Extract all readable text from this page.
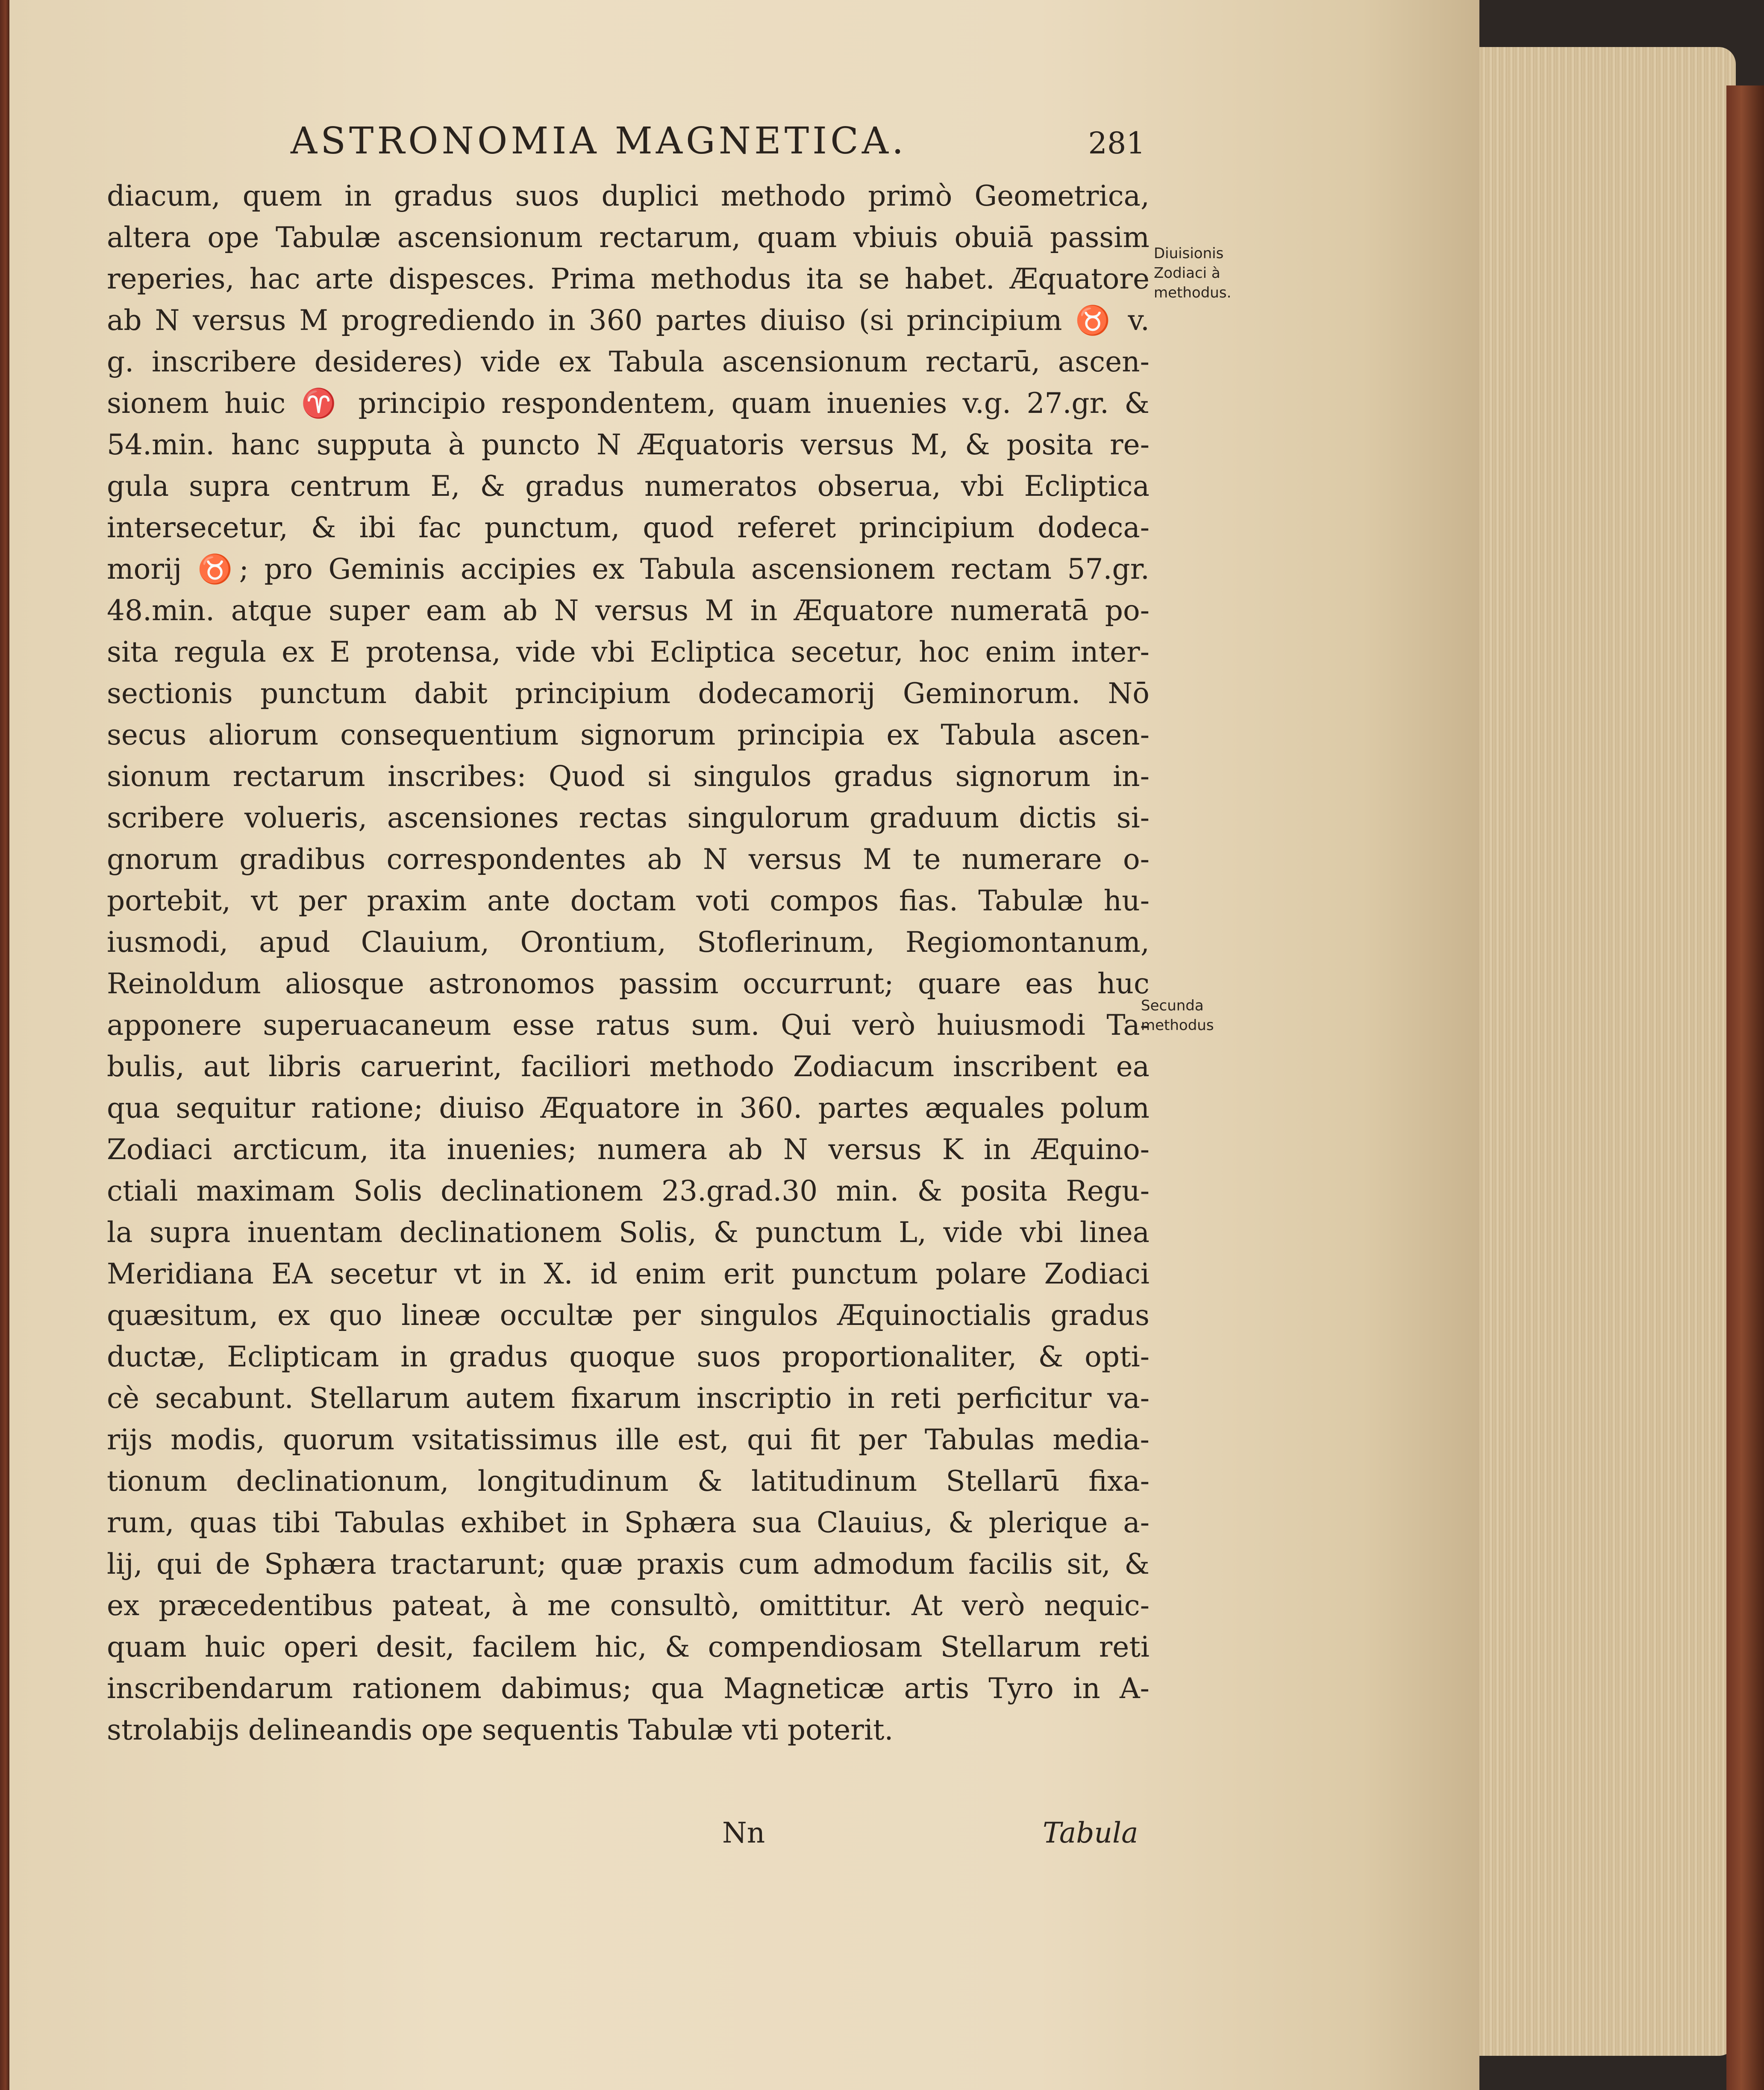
ASTRONOMIA MAGNETICA.	281
diacum, quem in gradus suos duplici methodo primò Geometrica,
altera ope Tabulæ ascensionum rectarum, quam vbiuis obuiā passim
reperies, hac arte dispesces. Prima methodus ita se habet. Æquatore
ab N versus M progrediendo in 360 partes diuiso (si principium ♉ v.
g. inscribere desideres) vide ex Tabula ascensionum rectarū, ascen-
sionem huic ♈ principio respondentem, quam inuenies v.g. 27.gr. &
54.min. hanc supputa à puncto N Æquatoris versus M, & posita re-
gula supra centrum E, & gradus numeratos obserua, vbi Ecliptica
intersecetur, & ibi fac punctum, quod referet principium dodeca-
morij ♉; pro Geminis accipies ex Tabula ascensionem rectam 57.gr.
48.min. atque super eam ab N versus M in Æquatore numeratā po-
sita regula ex E protensa, vide vbi Ecliptica secetur, hoc enim inter-
sectionis punctum dabit principium dodecamorij Geminorum. Nō
secus aliorum consequentium signorum principia ex Tabula ascen-
sionum rectarum inscribes: Quod si singulos gradus signorum in-
scribere volueris, ascensiones rectas singulorum graduum dictis si-
gnorum gradibus correspondentes ab N versus M te numerare o-
portebit, vt per praxim ante doctam voti compos fias. Tabulæ hu-
iusmodi, apud Clauium, Orontium, Stoflerinum, Regiomontanum,
Reinoldum aliosque astronomos passim occurrunt; quare eas huc
apponere superuacaneum esse ratus sum. Qui verò huiusmodi Ta-
bulis, aut libris caruerint, faciliori methodo Zodiacum inscribent ea
qua sequitur ratione; diuiso Æquatore in 360. partes æquales polum
Zodiaci arcticum, ita inuenies; numera ab N versus K in Æquino-
ctiali maximam Solis declinationem 23.grad.30 min. & posita Regu-
la supra inuentam declinationem Solis, & punctum L, vide vbi linea
Meridiana EA secetur vt in X. id enim erit punctum polare Zodiaci
quæsitum, ex quo lineæ occultæ per singulos Æquinoctialis gradus
ductæ, Eclipticam in gradus quoque suos proportionaliter, & opti-
cè secabunt. Stellarum autem fixarum inscriptio in reti perficitur va-
rijs modis, quorum vsitatissimus ille est, qui fit per Tabulas media-
tionum declinationum, longitudinum & latitudinum Stellarū fixa-
rum, quas tibi Tabulas exhibet in Sphæra sua Clauius, & plerique a-
lij, qui de Sphæra tractarunt; quæ praxis cum admodum facilis sit, &
ex præcedentibus pateat, à me consultò, omittitur. At verò nequic-
quam huic operi desit, facilem hic, & compendiosam Stellarum reti
inscribendarum rationem dabimus; qua Magneticæ artis Tyro in A-
strolabijs delineandis ope sequentis Tabulæ vti poterit.
Diuisionis
Zodiaci à
methodus.
Secunda
methodus
Nn	Tabula
